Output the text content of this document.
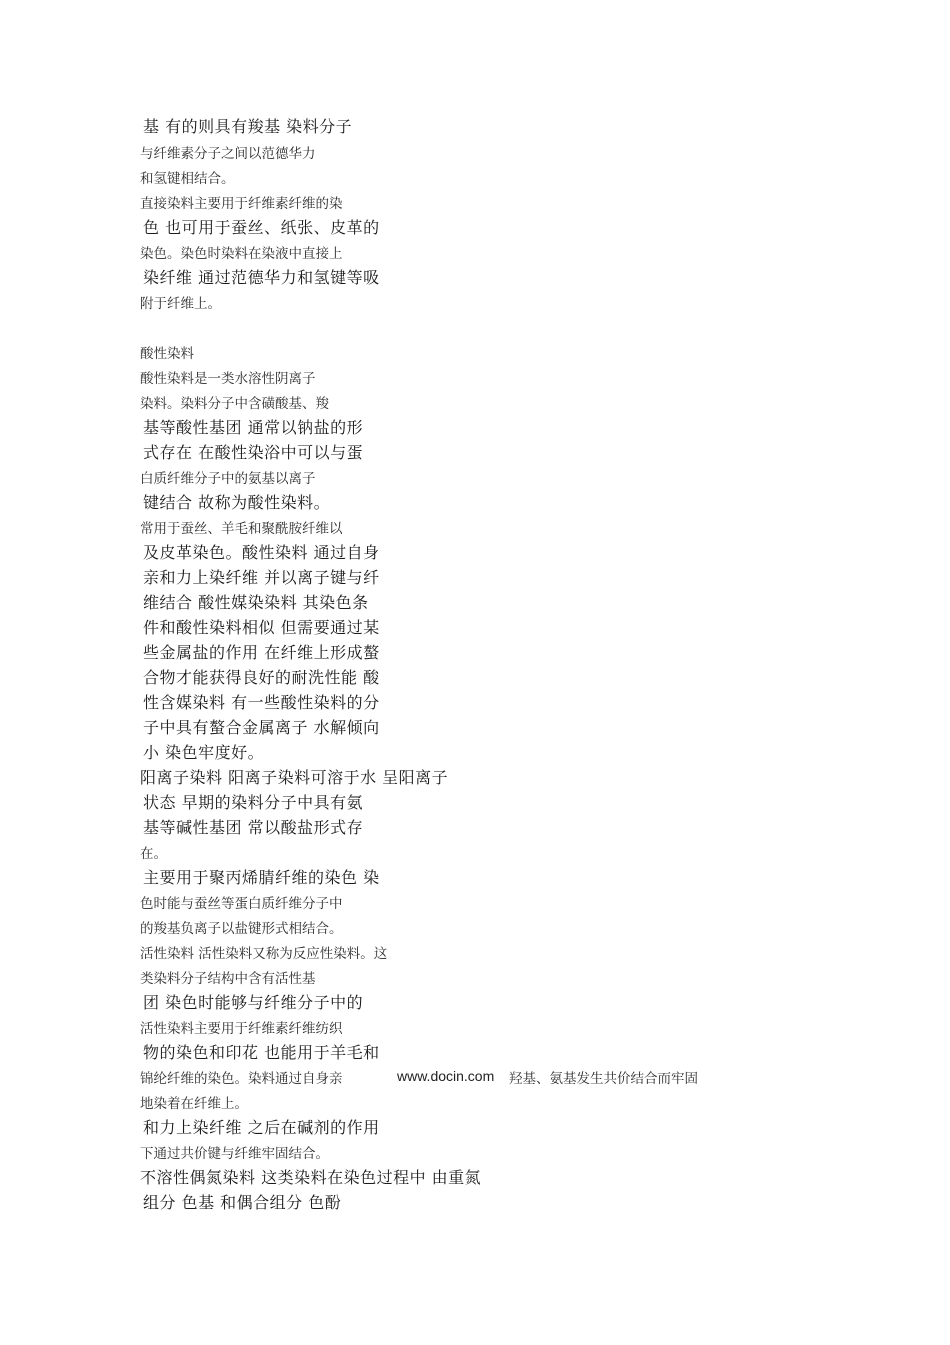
基 有的则具有羧基 染料分子
与纤维素分子之间以范德华力
和氢键相结合。
直接染料主要用于纤维素纤维的染
色 也可用于蚕丝、纸张、皮革的
染色。染色时染料在染液中直接上
染纤维 通过范德华力和氢键等吸
附于纤维上。
酸性染料
酸性染料是一类水溶性阴离子
染料。染料分子中含磺酸基、羧
基等酸性基团 通常以钠盐的形
式存在 在酸性染浴中可以与蛋
白质纤维分子中的氨基以离子
键结合 故称为酸性染料。
常用于蚕丝、羊毛和聚酰胺纤维以
及皮革染色。酸性染料 通过自身
亲和力上染纤维 并以离子键与纤
维结合 酸性媒染染料 其染色条
件和酸性染料相似 但需要通过某
些金属盐的作用 在纤维上形成螯
合物才能获得良好的耐洗性能 酸
性含媒染料 有一些酸性染料的分
子中具有螯合金属离子 水解倾向
小 染色牢度好。
阳离子染料 阳离子染料可溶于水 呈阳离子
状态 早期的染料分子中具有氨
基等碱性基团 常以酸盐形式存
在。
主要用于聚丙烯腈纤维的染色 染
色时能与蚕丝等蛋白质纤维分子中
的羧基负离子以盐键形式相结合。
活性染料 活性染料又称为反应性染料。这
类染料分子结构中含有活性基
团 染色时能够与纤维分子中的
活性染料主要用于纤维素纤维纺织
物的染色和印花 也能用于羊毛和
锦纶纤维的染色。染料通过自身亲	www.docin.com 羟基、氨基发生共价结合而牢固
地染着在纤维上。
和力上染纤维 之后在碱剂的作用
下通过共价键与纤维牢固结合。
不溶性偶氮染料 这类染料在染色过程中 由重氮
组分 色基 和偶合组分 色酚
